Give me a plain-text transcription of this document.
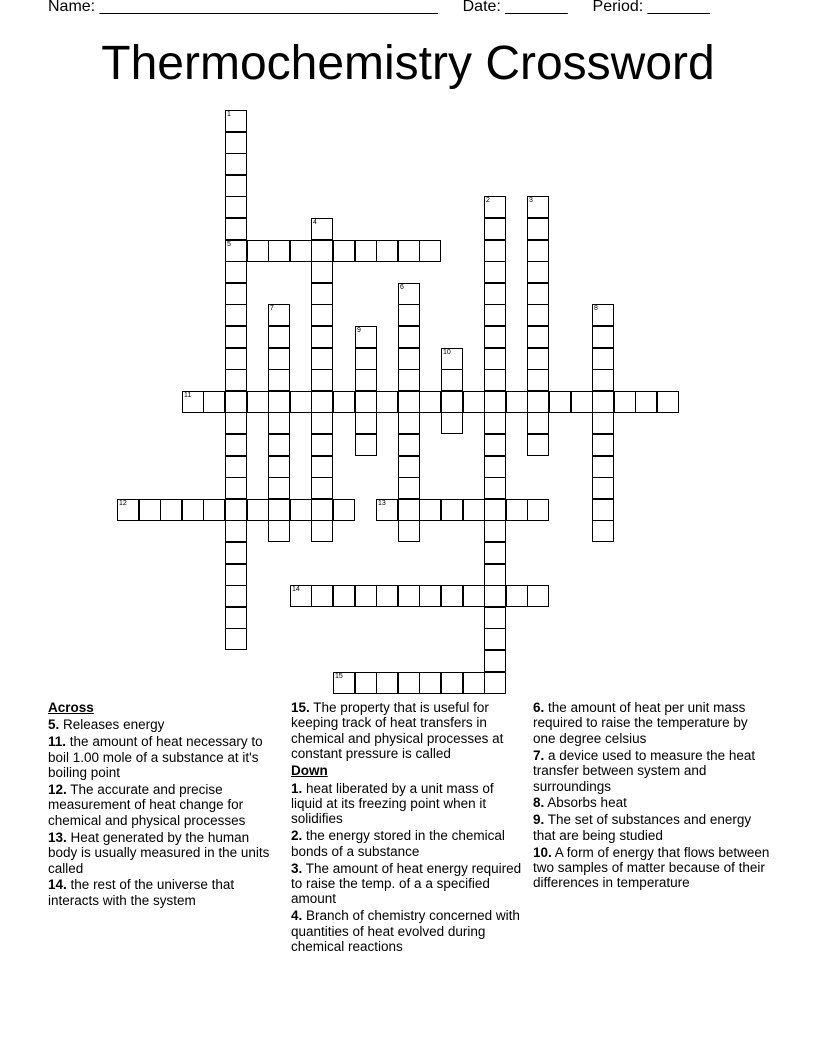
Name: ______________________________________ Date: _______ Period: _______
Thermochemistry Crossword
1
5
2	3
4
6
7	8
9
10
11
12	13
14
15
Across
5. Releases energy
11. the amount of heat necessary to boil 1.00 mole of a substance at it's boiling point
12. The accurate and precise measurement of heat change for chemical and physical processes
13. Heat generated by the human body is usually measured in the units called
14. the rest of the universe that interacts with the system
15. The property that is useful for keeping track of heat transfers in chemical and physical processes at constant pressure is called
Down
1. heat liberated by a unit mass of liquid at its freezing point when it solidifies
2. the energy stored in the chemical bonds of a substance
3. The amount of heat energy required to raise the temp. of a a specified amount
4. Branch of chemistry concerned with quantities of heat evolved during chemical reactions
6. the amount of heat per unit mass required to raise the temperature by one degree celsius
7. a device used to measure the heat transfer between system and surroundings
8. Absorbs heat
9. The set of substances and energy that are being studied
10. A form of energy that flows between two samples of matter because of their differences in temperature
